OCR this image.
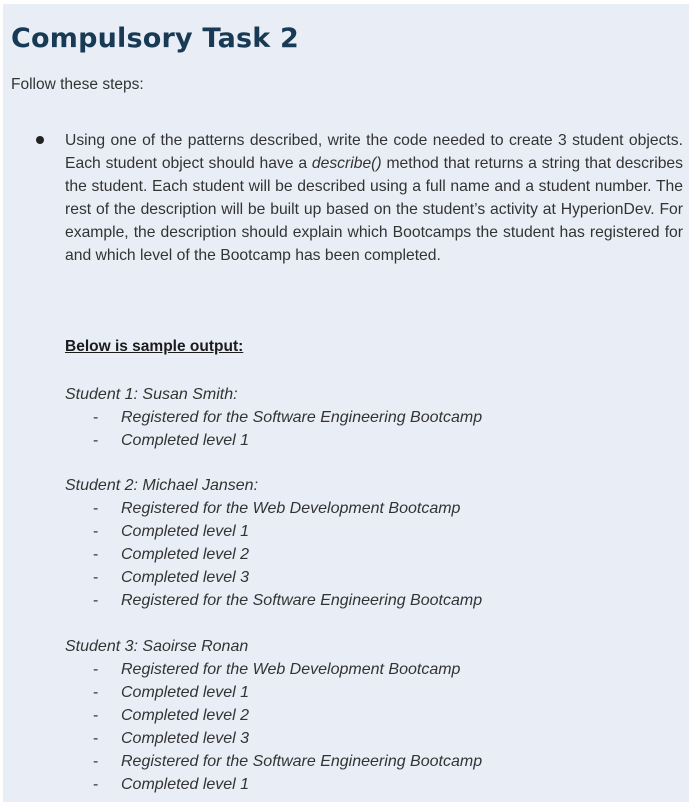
Compulsory Task 2
Follow these steps:

Using one of the patterns described, write the code needed to create 3 student objects. Each student object should have a describe() method that returns a string that describes the student. Each student will be described using a full name and a student number. The rest of the description will be built up based on the student’s activity at HyperionDev. For example, the description should explain which Bootcamps the student has registered for and which level of the Bootcamp has been completed.

Below is sample output:
Student 1: Susan Smith:
- Registered for the Software Engineering Bootcamp
- Completed level 1
Student 2: Michael Jansen:
- Registered for the Web Development Bootcamp
- Completed level 1
- Completed level 2
- Completed level 3
- Registered for the Software Engineering Bootcamp
Student 3: Saoirse Ronan
- Registered for the Web Development Bootcamp
- Completed level 1
- Completed level 2
- Completed level 3
- Registered for the Software Engineering Bootcamp
- Completed level 1
